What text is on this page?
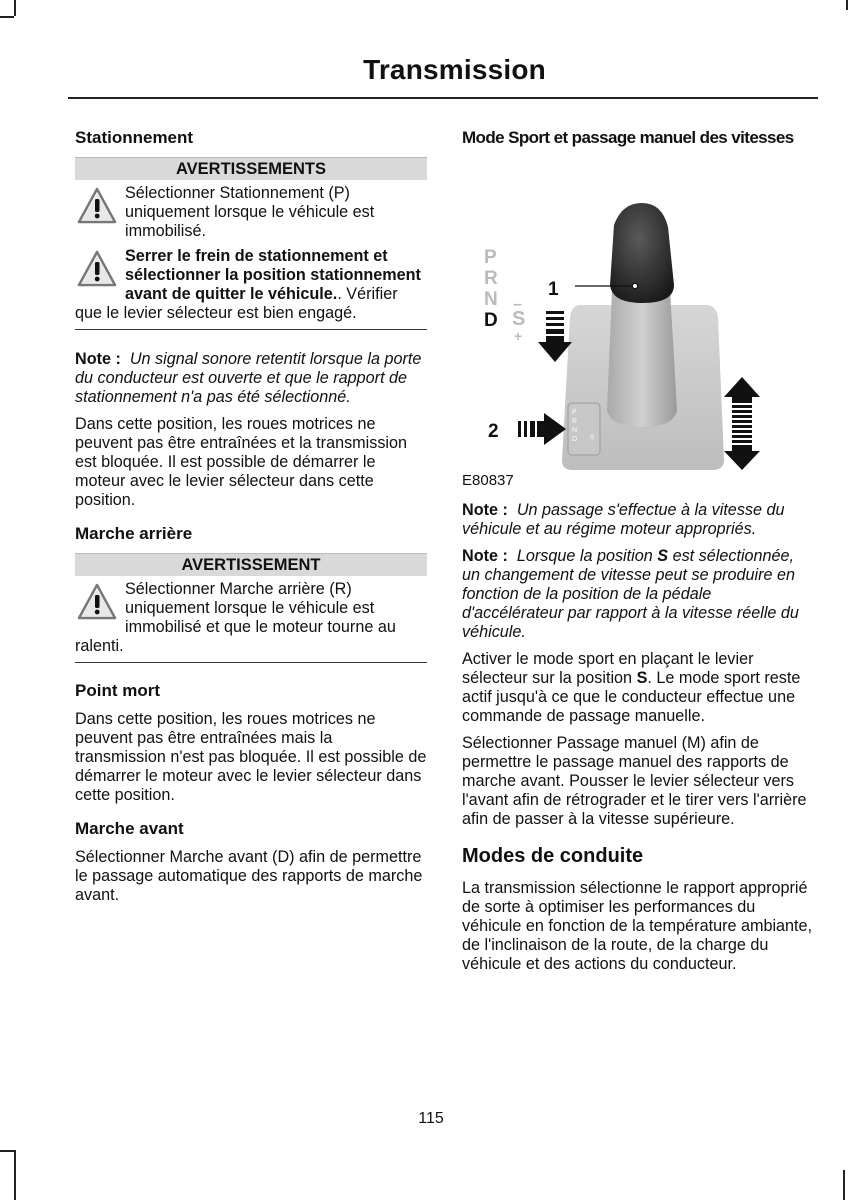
Transmission
Stationnement
AVERTISSEMENTS
Sélectionner Stationnement (P) uniquement lorsque le véhicule est immobilisé.
Serrer le frein de stationnement et sélectionner la position stationnement avant de quitter le véhicule.. Vérifier que le levier sélecteur est bien engagé.

Note : Un signal sonore retentit lorsque la porte du conducteur est ouverte et que le rapport de stationnement n'a pas été sélectionné.

Dans cette position, les roues motrices ne peuvent pas être entraînées et la transmission est bloquée. Il est possible de démarrer le moteur avec le levier sélecteur dans cette position.

Marche arrière
AVERTISSEMENT
Sélectionner Marche arrière (R) uniquement lorsque le véhicule est immobilisé et que le moteur tourne au ralenti.
Point mort

Dans cette position, les roues motrices ne peuvent pas être entraînées mais la transmission n'est pas bloquée. Il est possible de démarrer le moteur avec le levier sélecteur dans cette position.

Marche avant

Sélectionner Marche avant (D) afin de permettre le passage automatique des rapports de marche avant.

Mode Sport et passage manuel des vitesses
P R N D S
P
R
N
D S
–
+
1
2
E80837

Note : Un passage s'effectue à la vitesse du véhicule et au régime moteur appropriés.

Note : Lorsque la position S est sélectionnée, un changement de vitesse peut se produire en fonction de la position de la pédale d'accélérateur par rapport à la vitesse réelle du véhicule.

Activer le mode sport en plaçant le levier sélecteur sur la position S. Le mode sport reste actif jusqu'à ce que le conducteur effectue une commande de passage manuelle.

Sélectionner Passage manuel (M) afin de permettre le passage manuel des rapports de marche avant. Pousser le levier sélecteur vers l'avant afin de rétrograder et le tirer vers l'arrière afin de passer à la vitesse supérieure.

Modes de conduite

La transmission sélectionne le rapport approprié de sorte à optimiser les performances du véhicule en fonction de la température ambiante, de l'inclinaison de la route, de la charge du véhicule et des actions du conducteur.

115
